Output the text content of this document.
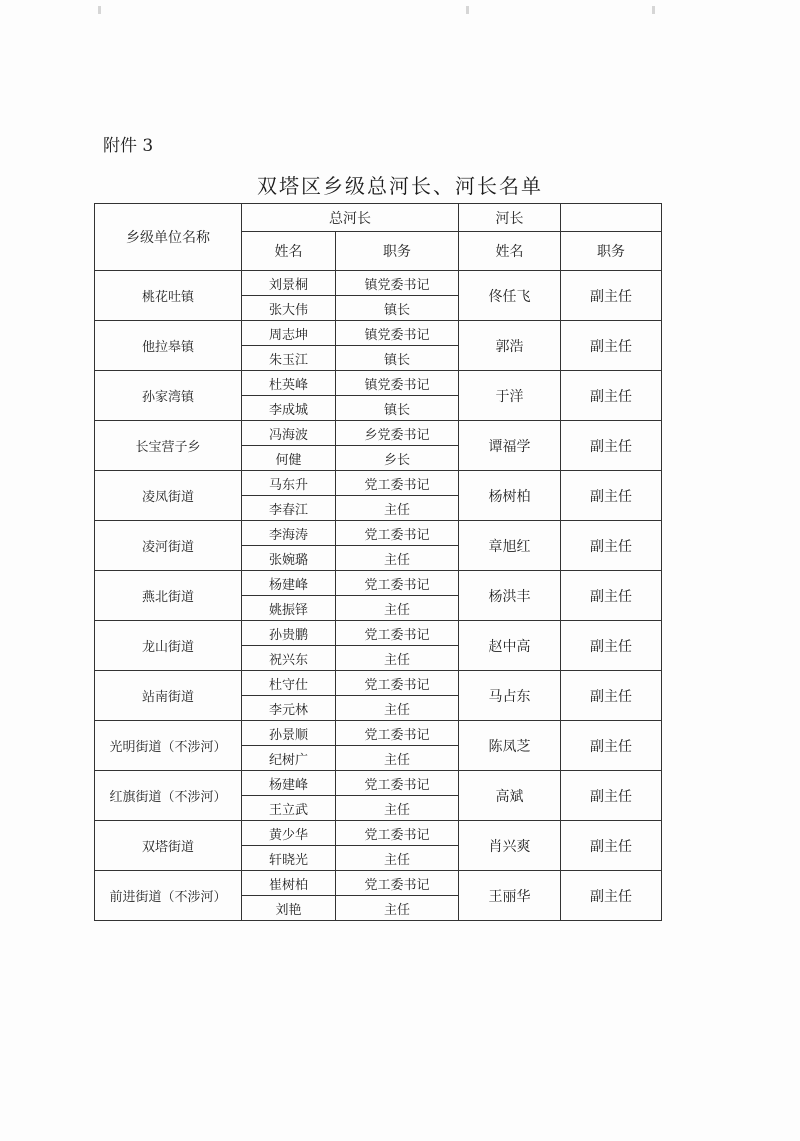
附件 3
双塔区乡级总河长、河长名单
乡级单位名称	总河长		河长	
	姓名	职务	姓名	职务
桃花吐镇	刘景桐	镇党委书记	佟任飞	副主任
	张大伟	镇长		
他拉皋镇	周志坤	镇党委书记	郭浩	副主任
	朱玉江	镇长		
孙家湾镇	杜英峰	镇党委书记	于洋	副主任
	李成城	镇长		
长宝营子乡	冯海波	乡党委书记	谭福学	副主任
	何健	乡长		
凌凤街道	马东升	党工委书记	杨树柏	副主任
	李春江	主任		
凌河街道	李海涛	党工委书记	章旭红	副主任
	张婉璐	主任		
燕北街道	杨建峰	党工委书记	杨洪丰	副主任
	姚振铎	主任		
龙山街道	孙贵鹏	党工委书记	赵中高	副主任
	祝兴东	主任		
站南街道	杜守仕	党工委书记	马占东	副主任
	李元林	主任		
光明街道（不涉河）	孙景顺	党工委书记	陈凤芝	副主任
	纪树广	主任		
红旗街道（不涉河）	杨建峰	党工委书记	高斌	副主任
	王立武	主任		
双塔街道	黄少华	党工委书记	肖兴爽	副主任
	轩晓光	主任		
前进街道（不涉河）	崔树柏	党工委书记	王丽华	副主任
	刘艳	主任		
